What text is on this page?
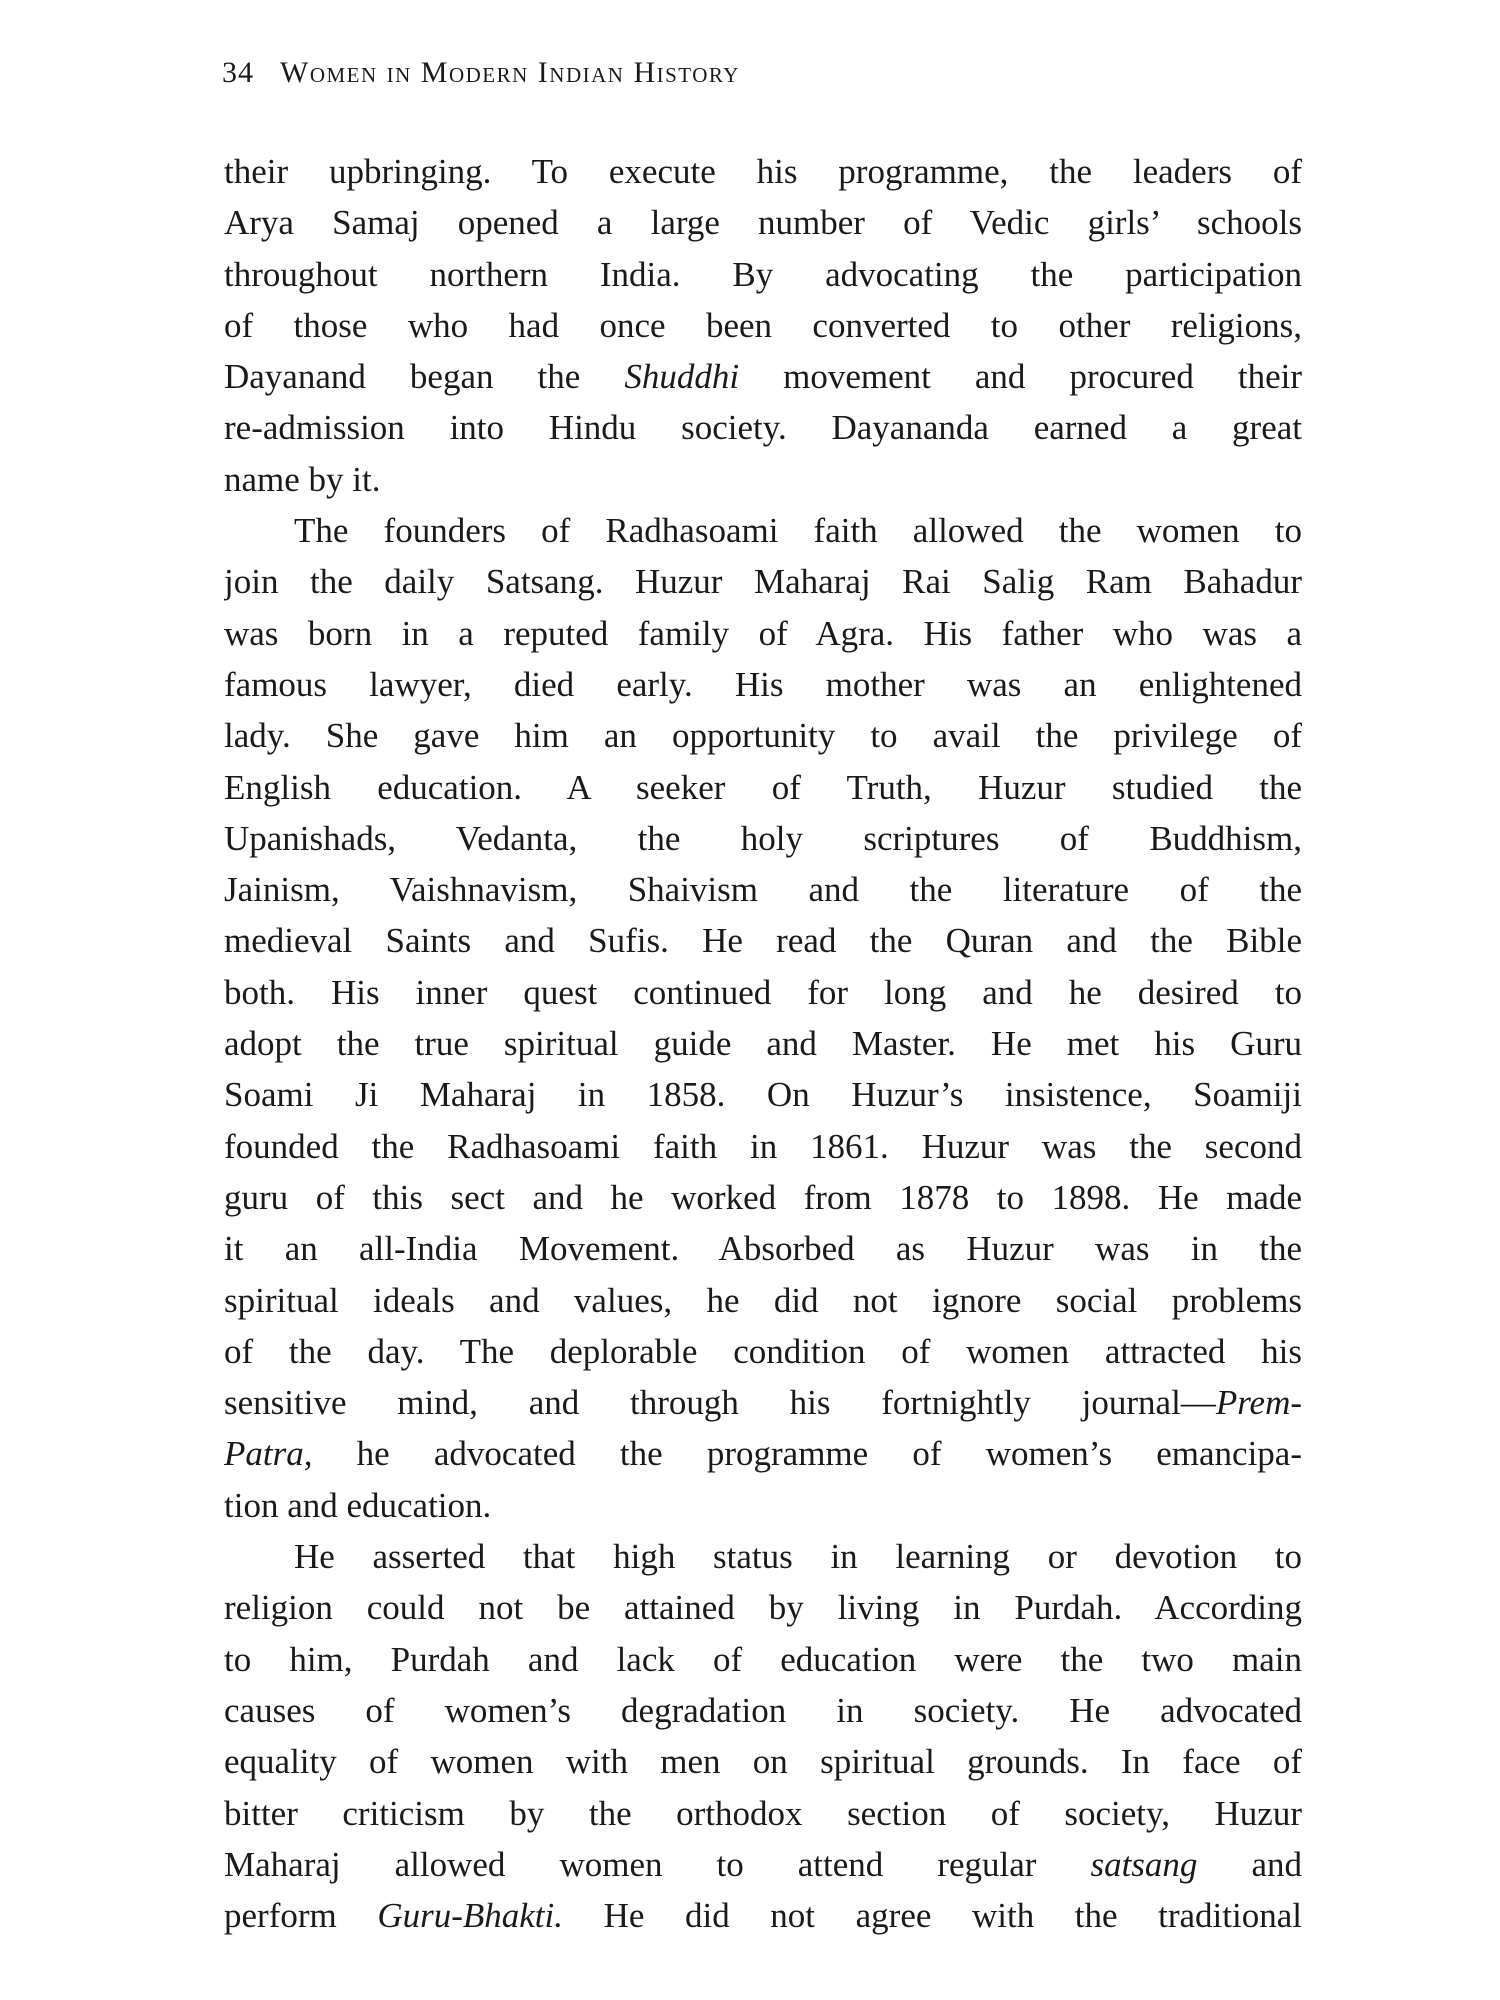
34 Women in Modern Indian History
their upbringing. To execute his programme, the leaders of
Arya Samaj opened a large number of Vedic girls’ schools
throughout northern India. By advocating the participation
of those who had once been converted to other religions,
Dayanand began the Shuddhi movement and procured their
re-admission into Hindu society. Dayananda earned a great
name by it.
The founders of Radhasoami faith allowed the women to
join the daily Satsang. Huzur Maharaj Rai Salig Ram Bahadur
was born in a reputed family of Agra. His father who was a
famous lawyer, died early. His mother was an enlightened
lady. She gave him an opportunity to avail the privilege of
English education. A seeker of Truth, Huzur studied the
Upanishads, Vedanta, the holy scriptures of Buddhism,
Jainism, Vaishnavism, Shaivism and the literature of the
medieval Saints and Sufis. He read the Quran and the Bible
both. His inner quest continued for long and he desired to
adopt the true spiritual guide and Master. He met his Guru
Soami Ji Maharaj in 1858. On Huzur’s insistence, Soamiji
founded the Radhasoami faith in 1861. Huzur was the second
guru of this sect and he worked from 1878 to 1898. He made
it an all-India Movement. Absorbed as Huzur was in the
spiritual ideals and values, he did not ignore social problems
of the day. The deplorable condition of women attracted his
sensitive mind, and through his fortnightly journal—Prem-
Patra, he advocated the programme of women’s emancipa-
tion and education.
He asserted that high status in learning or devotion to
religion could not be attained by living in Purdah. According
to him, Purdah and lack of education were the two main
causes of women’s degradation in society. He advocated
equality of women with men on spiritual grounds. In face of
bitter criticism by the orthodox section of society, Huzur
Maharaj allowed women to attend regular satsang and
perform Guru-Bhakti. He did not agree with the traditional
